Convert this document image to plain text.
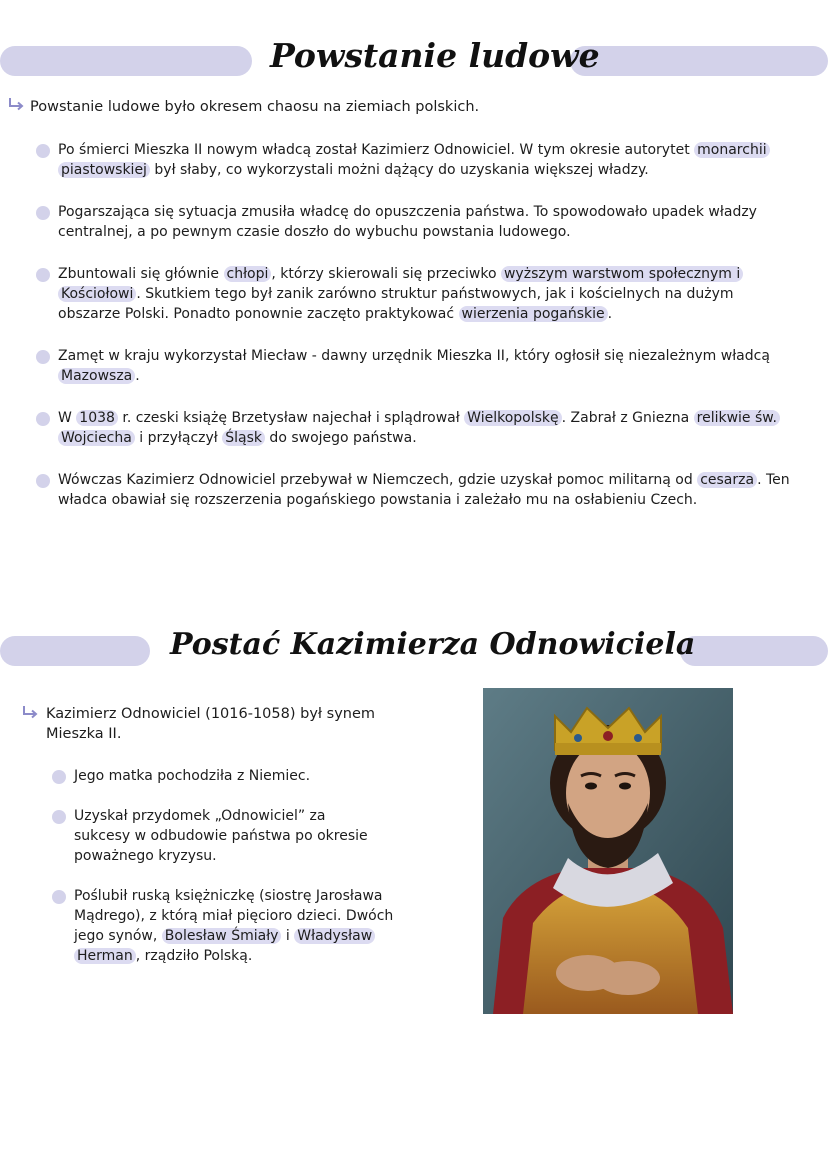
Powstanie ludowe
Powstanie ludowe było okresem chaosu na ziemiach polskich.
Po śmierci Mieszka II nowym władcą został Kazimierz Odnowiciel. W tym okresie autorytet monarchii piastowskiej był słaby, co wykorzystali możni dążący do uzyskania większej władzy.
Pogarszająca się sytuacja zmusiła władcę do opuszczenia państwa. To spowodowało upadek władzy centralnej, a po pewnym czasie doszło do wybuchu powstania ludowego.
Zbuntowali się głównie chłopi , którzy skierowali się przeciwko wyższym warstwom społecznym i Kościołowi . Skutkiem tego był zanik zarówno struktur państwowych, jak i kościelnych na dużym obszarze Polski. Ponadto ponownie zaczęto praktykować wierzenia pogańskie .
Zamęt w kraju wykorzystał Miecław - dawny urzędnik Mieszka II, który ogłosił się niezależnym władcą Mazowsza .
W 1038 r. czeski książę Brzetysław najechał i splądrował Wielkopolskę . Zabrał z Gniezna relikwie św. Wojciecha i przyłączył Śląsk do swojego państwa.
Wówczas Kazimierz Odnowiciel przebywał w Niemczech, gdzie uzyskał pomoc militarną od cesarza . Ten władca obawiał się rozszerzenia pogańskiego powstania i zależało mu na osłabieniu Czech.
Postać Kazimierza Odnowiciela
Kazimierz Odnowiciel (1016-1058) był synem Mieszka II.
Jego matka pochodziła z Niemiec.
Uzyskał przydomek „Odnowiciel” za sukcesy w odbudowie państwa po okresie poważnego kryzysu.
Poślubił ruską księżniczkę (siostrę Jarosława Mądrego), z którą miał pięcioro dzieci. Dwóch jego synów, Bolesław Śmiały i Władysław Herman , rządziło Polską.
